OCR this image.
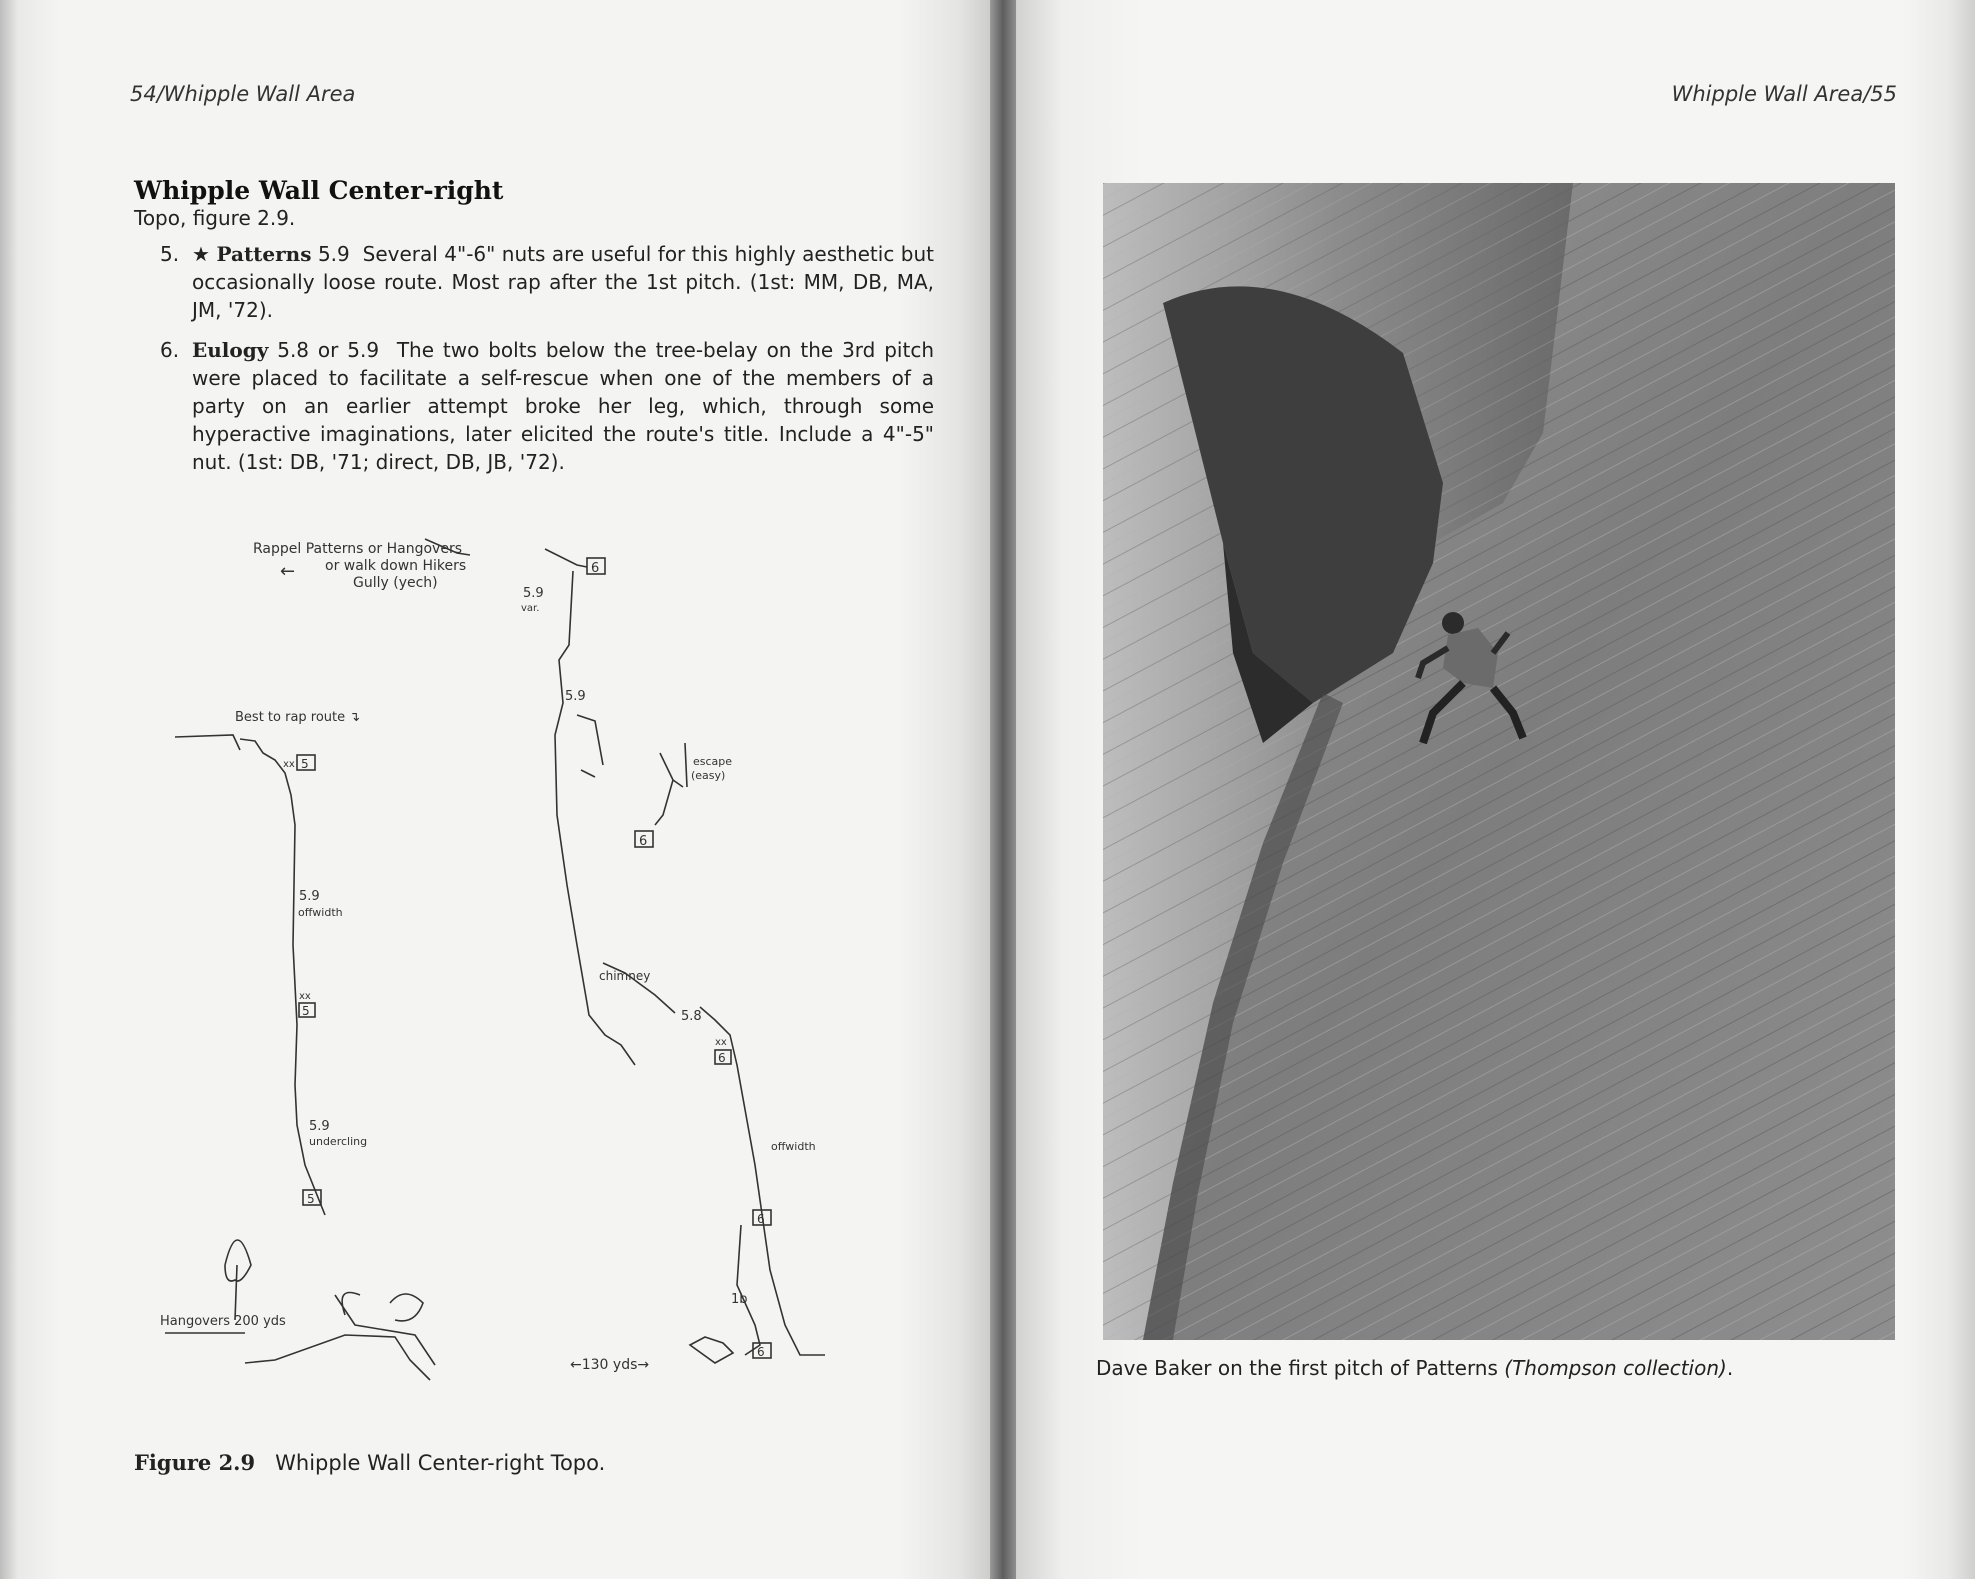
54/Whipple Wall Area
Whipple Wall Center-right
Topo, figure 2.9.
5. ★ Patterns 5.9 Several 4"-6" nuts are useful for this highly aesthetic but occasionally loose route. Most rap after the 1st pitch. (1st: MM, DB, MA, JM, '72).
6. Eulogy 5.8 or 5.9 The two bolts below the tree-belay on the 3rd pitch were placed to facilitate a self-rescue when one of the members of a party on an earlier attempt broke her leg, which, through some hyperactive imaginations, later elicited the route's title. Include a 4"-5" nut. (1st: DB, '71; direct, DB, JB, '72).
Rappel Patterns or Hangovers
or walk down Hikers
Gully (yech)
←	6
5.9
var.
5.9
escape
(easy)
6
chimney
5.8
xx
6
offwidth
6
1b
6
Best to rap route ↴
xx 5
5.9
offwidth
xx
5
5.9
undercling
5
Hangovers 200 yds
←130 yds→
Figure 2.9 Whipple Wall Center-right Topo.
Whipple Wall Area/55
Dave Baker on the first pitch of Patterns (Thompson collection).
